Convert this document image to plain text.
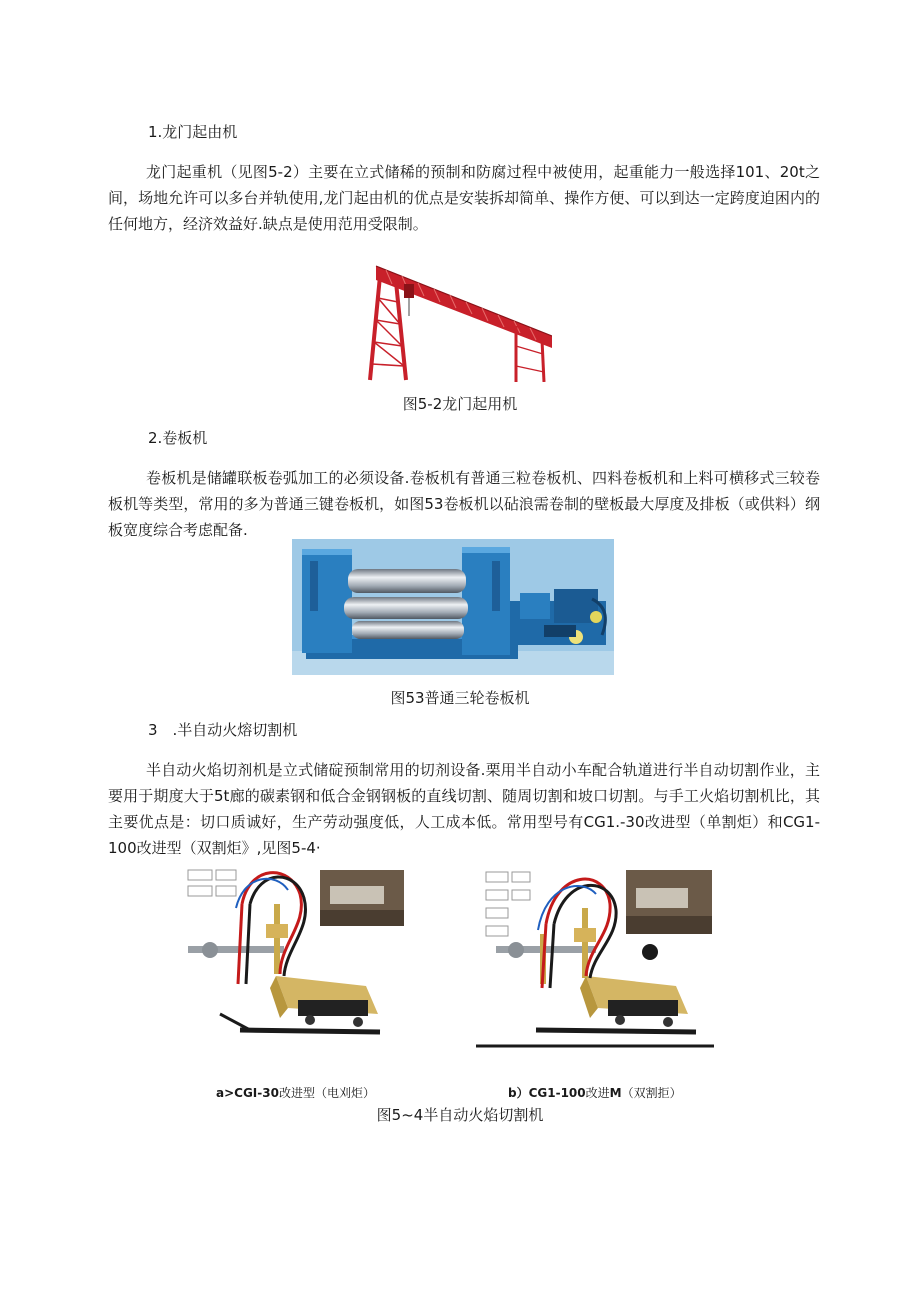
1.龙门起由机
龙门起重机（见图5-2）主要在立式储稀的预制和防腐过程中被使用，起重能力一般选择101、20t之间，场地允许可以多台并轨使用,龙门起由机的优点是安装拆却简单、操作方便、可以到达一定跨度迫困内的任何地方，经济效益好.缺点是使用范用受限制。
图5-2龙门起用机
2.卷板机
卷板机是储罐联板卷弧加工的必须设备.卷板机有普通三粒卷板机、四料卷板机和上料可横移式三较卷板机等类型，常用的多为普通三键卷板机，如图53卷板机以砧浪需卷制的壁板最大厚度及排板（或供料）纲板宽度综合考虑配备.
图53普通三轮卷板机
3　.半自动火熔切割机
半自动火焰切剂机是立式储碇预制常用的切剂设备.栗用半自动小车配合轨道进行半自动切割作业，主要用于期度大于5t廊的碳素钢和低合金钢钢板的直线切割、随周切割和坡口切割。与手工火焰切割机比，其主要优点是：切口质诚好，生产劳动强度低，人工成本低。常用型号有CG1.-30改进型（单割炬）和CG1-100改进型（双割炬》,见图5-4·
a>CGI-30改进型（电刈炬）	b）CG1-100改进M（双割拒）
图5~4半自动火焰切割机
